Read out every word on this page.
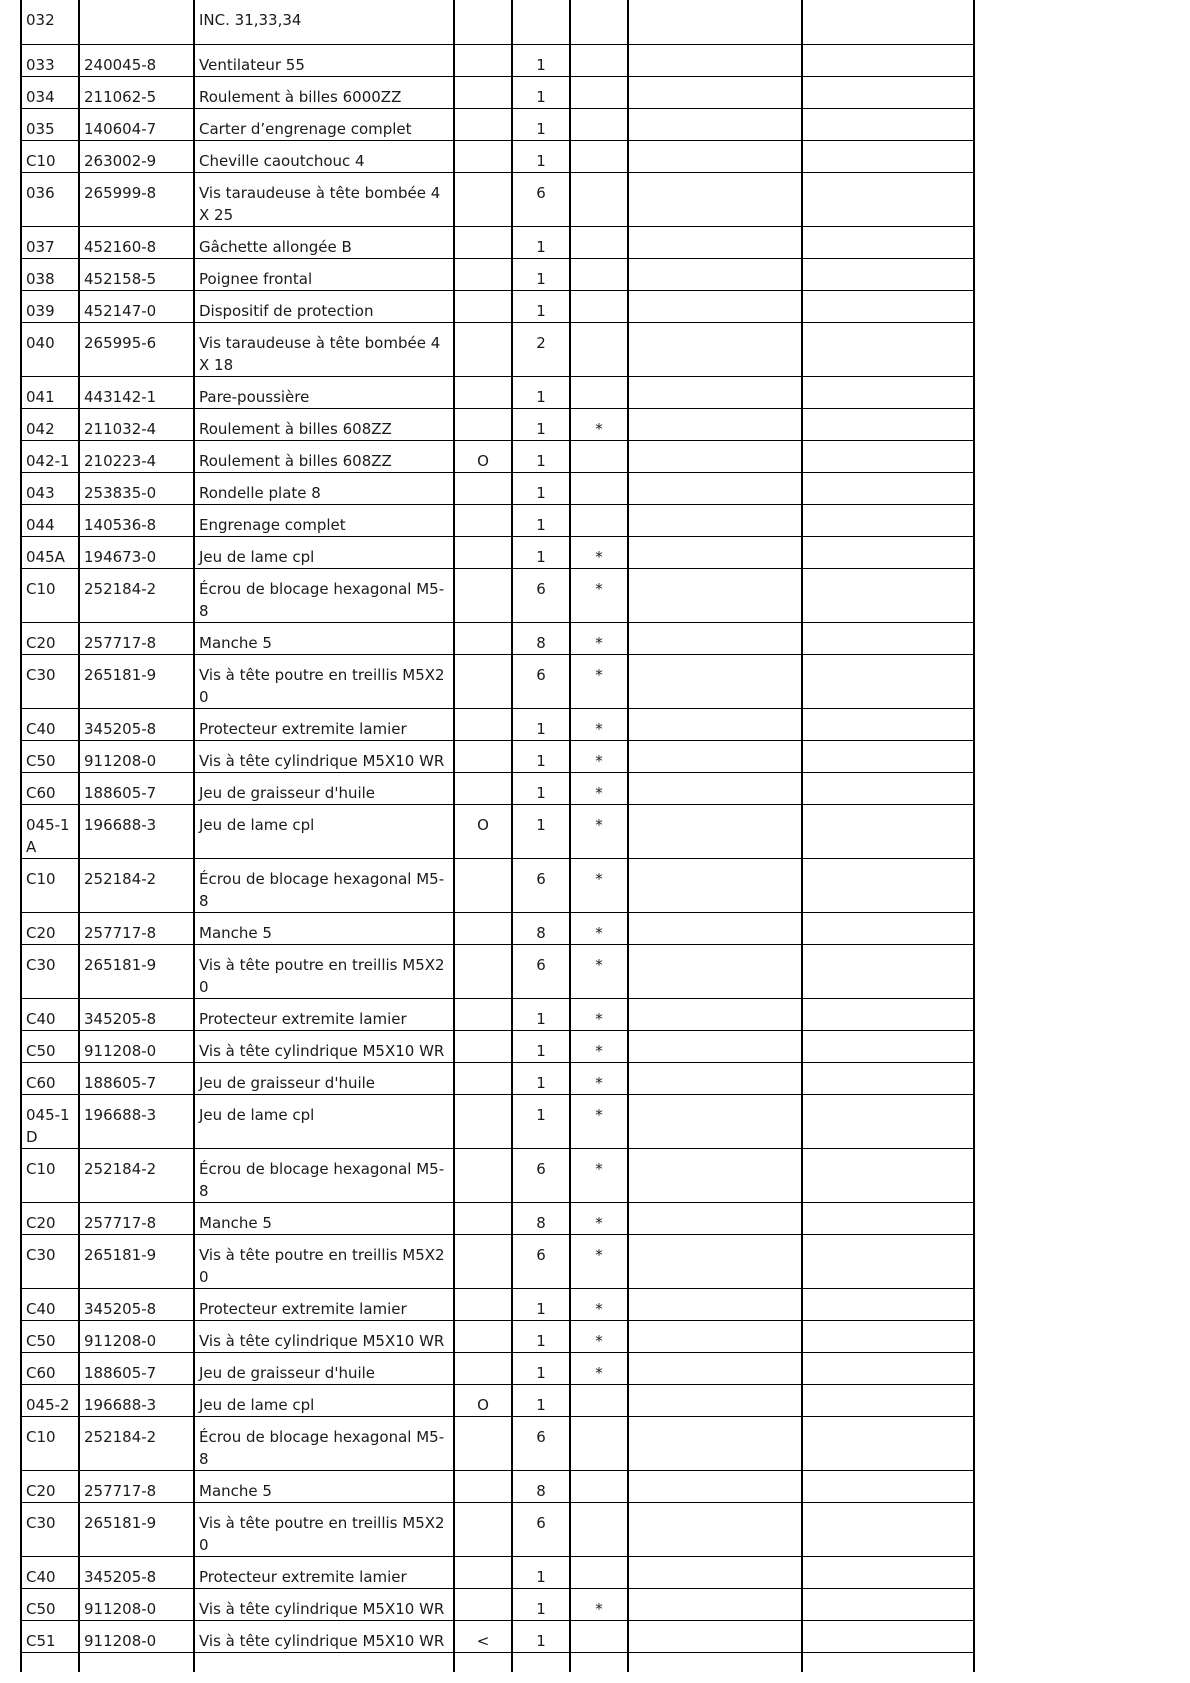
032		INC. 31,33,34					

033	240045-8	Ventilateur 55		1			

034	211062-5	Roulement à billes 6000ZZ		1			

035	140604-7	Carter d’engrenage complet		1			

C10	263002-9	Cheville caoutchouc 4		1			

036	265999-8	Vis taraudeuse à tête bombée 4X 25		6			

037	452160-8	Gâchette allongée B		1			

038	452158-5	Poignee frontal		1			

039	452147-0	Dispositif de protection		1			

040	265995-6	Vis taraudeuse à tête bombée 4X 18		2			

041	443142-1	Pare-poussière		1			

042	211032-4	Roulement à billes 608ZZ		1	*		

042-1	210223-4	Roulement à billes 608ZZ	O	1			

043	253835-0	Rondelle plate 8		1			

044	140536-8	Engrenage complet		1			

045A	194673-0	Jeu de lame cpl		1	*		

C10	252184-2	Écrou de blocage hexagonal M5-8		6	*		

C20	257717-8	Manche 5		8	*		

C30	265181-9	Vis à tête poutre en treillis M5X20		6	*		

C40	345205-8	Protecteur extremite lamier		1	*		

C50	911208-0	Vis à tête cylindrique M5X10 WR		1	*		

C60	188605-7	Jeu de graisseur d'huile		1	*		

045-1A	196688-3	Jeu de lame cpl	O	1	*		

C10	252184-2	Écrou de blocage hexagonal M5-8		6	*		

C20	257717-8	Manche 5		8	*		

C30	265181-9	Vis à tête poutre en treillis M5X20		6	*		

C40	345205-8	Protecteur extremite lamier		1	*		

C50	911208-0	Vis à tête cylindrique M5X10 WR		1	*		

C60	188605-7	Jeu de graisseur d'huile		1	*		

045-1D	196688-3	Jeu de lame cpl		1	*		

C10	252184-2	Écrou de blocage hexagonal M5-8		6	*		

C20	257717-8	Manche 5		8	*		

C30	265181-9	Vis à tête poutre en treillis M5X20		6	*		

C40	345205-8	Protecteur extremite lamier		1	*		

C50	911208-0	Vis à tête cylindrique M5X10 WR		1	*		

C60	188605-7	Jeu de graisseur d'huile		1	*		

045-2	196688-3	Jeu de lame cpl	O	1			

C10	252184-2	Écrou de blocage hexagonal M5-8		6			

C20	257717-8	Manche 5		8			

C30	265181-9	Vis à tête poutre en treillis M5X20		6			

C40	345205-8	Protecteur extremite lamier		1			

C50	911208-0	Vis à tête cylindrique M5X10 WR		1	*		

C51	911208-0	Vis à tête cylindrique M5X10 WR	<	1			
